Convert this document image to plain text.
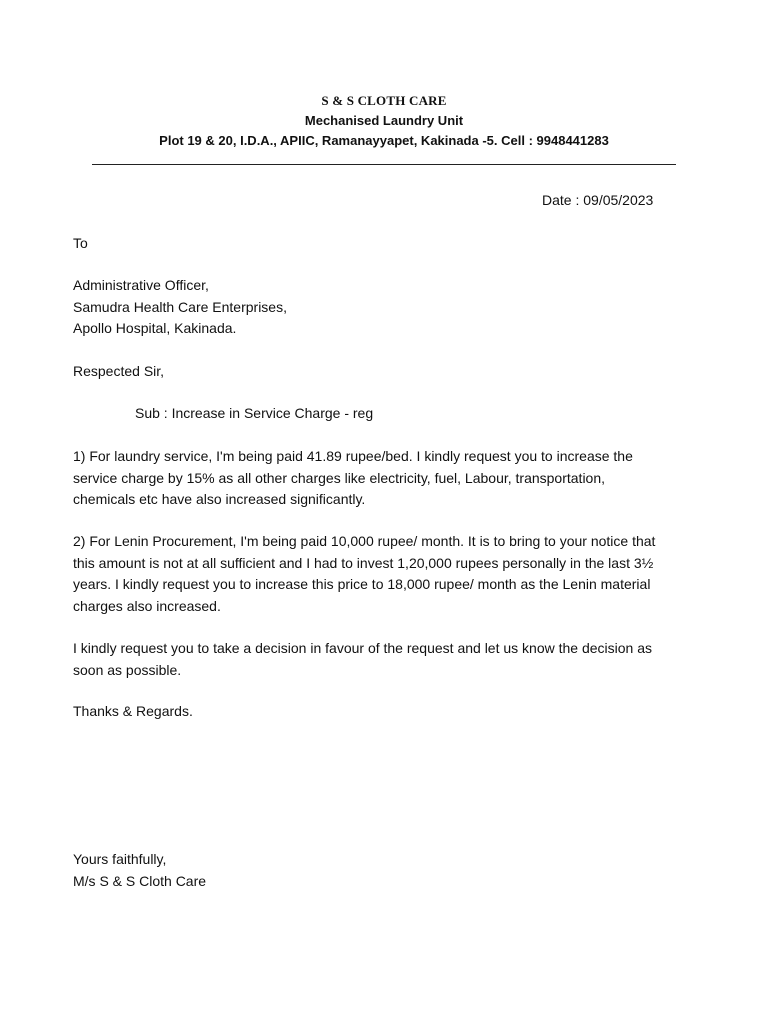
S & S CLOTH CARE
Mechanised Laundry Unit
Plot 19 & 20, I.D.A., APIIC, Ramanayyapet, Kakinada -5. Cell : 9948441283
Date : 09/05/2023
To
Administrative Officer,
Samudra Health Care Enterprises,
Apollo Hospital, Kakinada.
Respected Sir,
Sub : Increase in Service Charge - reg
1) For laundry service, I'm being paid 41.89 rupee/bed. I kindly request you to increase the
service charge by 15% as all other charges like electricity, fuel, Labour, transportation,
chemicals etc have also increased significantly.
2) For Lenin Procurement, I'm being paid 10,000 rupee/ month. It is to bring to your notice that
this amount is not at all sufficient and I had to invest 1,20,000 rupees personally in the last 3½
years. I kindly request you to increase this price to 18,000 rupee/ month as the Lenin material
charges also increased.
I kindly request you to take a decision in favour of the request and let us know the decision as
soon as possible.
Thanks & Regards.
Yours faithfully,
M/s S & S Cloth Care
